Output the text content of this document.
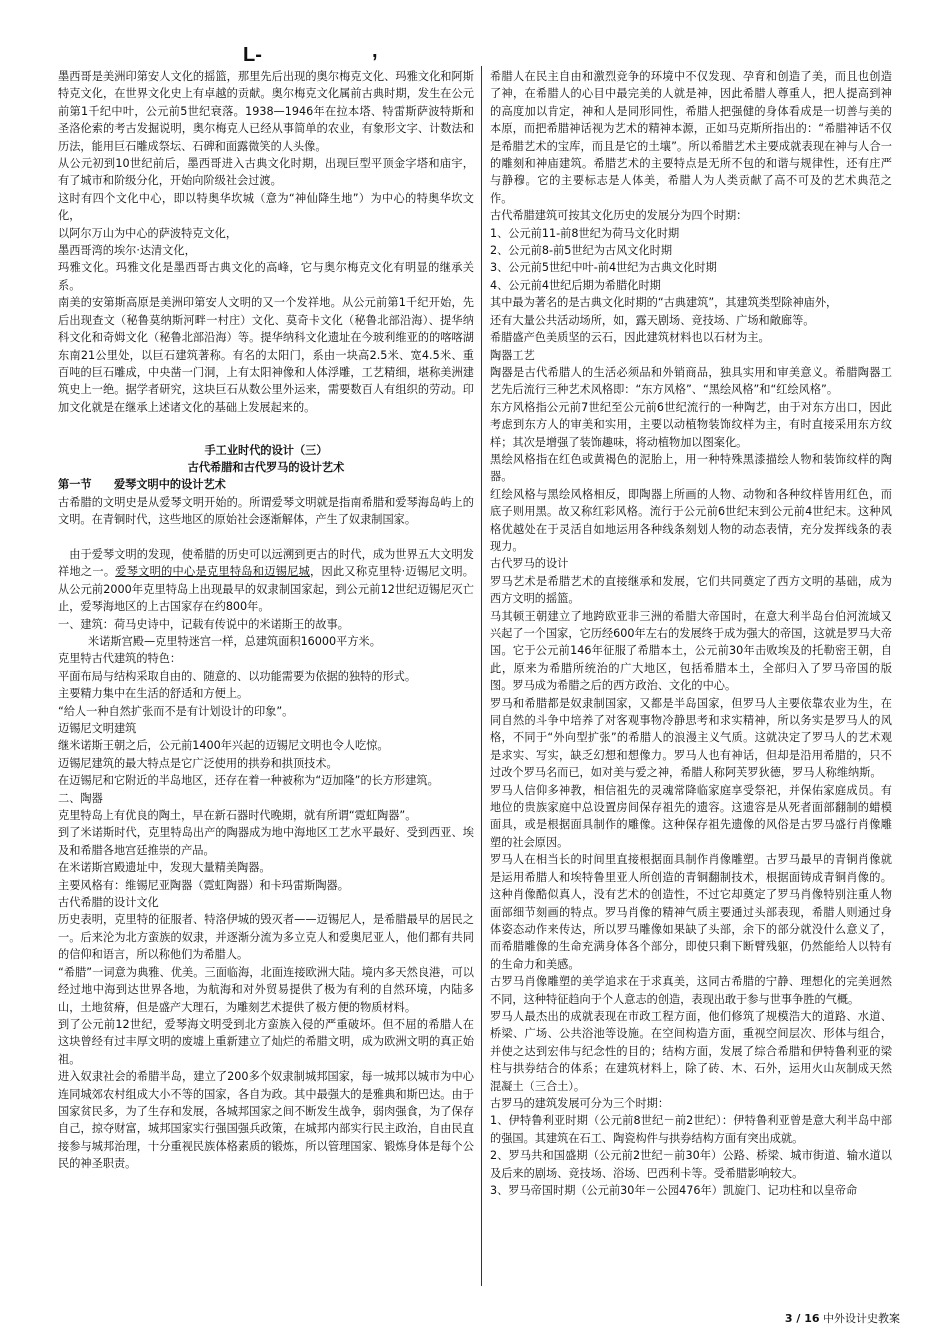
L-	,

墨西哥是美洲印第安人文化的摇篮，那里先后出现的奥尔梅克文化、玛雅文化和阿斯特克文化，在世界文化史上有卓越的贡献。奥尔梅克文化属前古典时期，发生在公元前第1千纪中叶，公元前5世纪衰落。1938—1946年在拉本塔、特雷斯萨波特斯和圣洛伦索的考古发掘说明，奥尔梅克人已经从事简单的农业，有象形文字、计数法和历法，能用巨石雕成祭坛、石碑和面露微笑的人头像。

从公元初到10世纪前后，墨西哥进入古典文化时期，出现巨型平顶金字塔和庙宇，有了城市和阶级分化，开始向阶级社会过渡。

这时有四个文化中心，即以特奥华坎城（意为“神仙降生地”）为中心的特奥华坎文化，

以阿尔万山为中心的萨波特克文化，

墨西哥湾的埃尔·达清文化，

玛雅文化。玛雅文化是墨西哥古典文化的高峰，它与奥尔梅克文化有明显的继承关系。

南美的安第斯高原是美洲印第安人文明的又一个发祥地。从公元前第1千纪开始，先后出现查文（秘鲁莫纳斯河畔一村庄）文化、莫奇卡文化（秘鲁北部沿海）、提华纳科文化和奇姆文化（秘鲁北部沿海）等。提华纳科文化遗址在今玻利维亚的的喀喀湖东南21公里处，以巨石建筑著称。有名的太阳门，系由一块高2.5米、宽4.5米、重百吨的巨石雕成，中央凿一门洞，上有太阳神像和人体浮雕，工艺精细，堪称美洲建筑史上一绝。据学者研究，这块巨石从数公里外运来，需要数百人有组织的劳动。印加文化就是在继承上述诸文化的基础上发展起来的。

手工业时代的设计（三）

古代希腊和古代罗马的设计艺术

第一节　　爱琴文明中的设计艺术

古希腊的文明史是从爱琴文明开始的。所谓爱琴文明就是指南希腊和爱琴海岛屿上的文明。在青铜时代，这些地区的原始社会逐渐解体，产生了奴隶制国家。

　由于爱琴文明的发现，使希腊的历史可以远溯到更古的时代，成为世界五大文明发祥地之一。爱琴文明的中心是克里特岛和迈锡尼城，因此又称克里特·迈锡尼文明。从公元前2000年克里特岛上出现最早的奴隶制国家起，到公元前12世纪迈锡尼灭亡止，爱琴海地区的上古国家存在约800年。

一、建筑：荷马史诗中，记载有传说中的米诺斯王的故事。

米诺斯宫殿—克里特迷宫一样，总建筑面积16000平方米。

克里特古代建筑的特色：

平面布局与结构采取自由的、随意的、以功能需要为依据的独特的形式。

主要精力集中在生活的舒适和方便上。

“给人一种自然扩张而不是有计划设计的印象”。

迈锡尼文明建筑

继米诺斯王朝之后，公元前1400年兴起的迈锡尼文明也令人吃惊。

迈锡尼建筑的最大特点是它广泛使用的拱券和拱顶技术。

在迈锡尼和它附近的半岛地区，还存在着一种被称为“迈加隆”的长方形建筑。

二、陶器

克里特岛上有优良的陶土，早在新石器时代晚期，就有所谓“霓虹陶器”。

到了米诺斯时代，克里特岛出产的陶器成为地中海地区工艺水平最好、受到西亚、埃及和希腊各地宫廷推崇的产品。

在米诺斯宫殿遗址中，发现大量精美陶器。

主要风格有：维锡尼亚陶器（霓虹陶器）和卡玛雷斯陶器。

古代希腊的设计文化

历史表明，克里特的征服者、特洛伊城的毁灭者——迈锡尼人，是希腊最早的居民之一。后来沦为北方蛮族的奴隶，并逐渐分流为多立克人和爱奥尼亚人，他们都有共同的信仰和语言，所以称他们为希腊人。

“希腊”一词意为典雅、优美。三面临海，北面连接欧洲大陆。境内多天然良港，可以经过地中海到达世界各地，为航海和对外贸易提供了极为有利的自然环境，内陆多山，土地贫瘠，但是盛产大理石，为雕刻艺术提供了极方便的物质材料。

到了公元前12世纪，爱琴海文明受到北方蛮族入侵的严重破坏。但不屈的希腊人在这块曾经有过丰厚文明的废墟上重新建立了灿烂的希腊文明，成为欧洲文明的真正始祖。

进入奴隶社会的希腊半岛，建立了200多个奴隶制城邦国家，每一城邦以城市为中心连同城郊农村组成大小不等的国家，各自为政。其中最强大的是雅典和斯巴达。由于国家贫民多，为了生存和发展，各城邦国家之间不断发生战争，弱肉强食，为了保存自己，掠夺财富，城邦国家实行强国强兵政策，在城邦内部实行民主政治，自由民直接参与城邦治理，十分重视民族体格素质的锻炼，所以管理国家、锻炼身体是每个公民的神圣职责。

希腊人在民主自由和激烈竞争的环境中不仅发现、孕育和创造了美，而且也创造了神，在希腊人的心目中最完美的人就是神，因此希腊人尊重人，把人提高到神的高度加以肯定，神和人是同形同性，希腊人把强健的身体看成是一切善与美的本原，而把希腊神话视为艺术的精神本源，正如马克斯所指出的：“希腊神话不仅是希腊艺术的宝库，而且是它的土壤”。所以希腊艺术主要成就表现在神与人合一的雕刻和神庙建筑。希腊艺术的主要特点是无所不包的和谐与规律性，还有庄严与静穆。它的主要标志是人体美，希腊人为人类贡献了高不可及的艺术典范之作。

古代希腊建筑可按其文化历史的发展分为四个时期：

1、公元前11-前8世纪为荷马文化时期

2、公元前8-前5世纪为古风文化时期

3、公元前5世纪中叶-前4世纪为古典文化时期

4、公元前4世纪后期为希腊化时期

其中最为著名的是古典文化时期的“古典建筑”，其建筑类型除神庙外，

还有大量公共活动场所，如，露天剧场、竞技场、广场和敞廊等。

希腊盛产色美质坚的云石，因此建筑材料也以石材为主。

陶器工艺

陶器是古代希腊人的生活必须品和外销商品，独具实用和审美意义。希腊陶器工艺先后流行三种艺术风格即：“东方风格”、“黑绘风格”和“红绘风格”。

东方风格指公元前7世纪至公元前6世纪流行的一种陶艺，由于对东方出口，因此考虑到东方人的审美和实用，主要以动植物装饰纹样为主，有时直接采用东方纹样；其次是增强了装饰趣味，将动植物加以图案化。

黑绘风格指在红色或黄褐色的泥胎上，用一种特殊黑漆描绘人物和装饰纹样的陶器。

红绘风格与黑绘风格相反，即陶器上所画的人物、动物和各种纹样皆用红色，而底子则用黑。故又称红彩风格。流行于公元前6世纪末到公元前4世纪末。这种风格优越处在于灵活自如地运用各种线条刻划人物的动态表情，充分发挥线条的表现力。

古代罗马的设计

罗马艺术是希腊艺术的直接继承和发展，它们共同奠定了西方文明的基础，成为西方文明的摇篮。

马其顿王朝建立了地跨欧亚非三洲的希腊大帝国时，在意大利半岛台伯河流域又兴起了一个国家，它历经600年左右的发展终于成为强大的帝国，这就是罗马大帝国。它于公元前146年征服了希腊本土，公元前30年击败埃及的托勒密王朝，自此，原来为希腊所统治的广大地区，包括希腊本土，全部归入了罗马帝国的版图。罗马成为希腊之后的西方政治、文化的中心。

罗马和希腊都是奴隶制国家，又都是半岛国家，但罗马人主要依靠农业为生，在同自然的斗争中培养了对客观事物冷静思考和求实精神，所以务实是罗马人的风格，不同于“外向型扩张”的希腊人的浪漫主义气质。这就决定了罗马人的艺术观是求实、写实，缺乏幻想和想像力。罗马人也有神话，但却是沿用希腊的，只不过改个罗马名而已，如对美与爱之神，希腊人称阿芙罗狄德，罗马人称维纳斯。

罗马人信仰多神教，相信祖先的灵魂常降临家庭享受祭祀，并保佑家庭成员。有地位的贵族家庭中总设置房间保存祖先的遗容。这遗容是从死者面部翻制的蜡模面具，或是根据面具制作的雕像。这种保存祖先遗像的风俗是古罗马盛行肖像雕塑的社会原因。

罗马人在相当长的时间里直接根据面具制作肖像雕塑。古罗马最早的青铜肖像就是运用希腊人和埃特鲁里亚人所创造的青铜翻制技术，根据面铸成青铜肖像的。这种肖像酷似真人，没有艺术的创造性，不过它却奠定了罗马肖像特别注重人物面部细节刻画的特点。罗马肖像的精神气质主要通过头部表现，希腊人则通过身体姿态动作来传达，所以罗马雕像如果缺了头部，余下的部分就没什么意义了，而希腊雕像的生命充满身体各个部分，即使只剩下断臂残躯，仍然能给人以特有的生命力和美感。

古罗马肖像雕塑的美学追求在于求真美，这同古希腊的宁静、理想化的完美迥然不同，这种特征趋向于个人意志的创造，表现出敢于参与世事争胜的气概。

罗马人最杰出的成就表现在市政工程方面，他们修筑了规模浩大的道路、水道、桥梁、广场、公共浴池等设施。在空间构造方面，重视空间层次、形体与组合，并使之达到宏伟与纪念性的目的；结构方面，发展了综合希腊和伊特鲁利亚的梁柱与拱券结合的体系；在建筑材料上，除了砖、木、石外，运用火山灰制成天然混凝土（三合土）。

古罗马的建筑发展可分为三个时期：

1、伊特鲁利亚时期（公元前8世纪－前2世纪）：伊特鲁利亚曾是意大利半岛中部的强国。其建筑在石工、陶瓷构件与拱券结构方面有突出成就。

2、罗马共和国盛期（公元前2世纪－前30年）公路、桥梁、城市街道、输水道以及后来的剧场、竞技场、浴场、巴西利卡等。受希腊影响较大。

3、罗马帝国时期（公元前30年－公园476年）凯旋门、记功柱和以皇帝命

3 / 16 中外设计史教案
